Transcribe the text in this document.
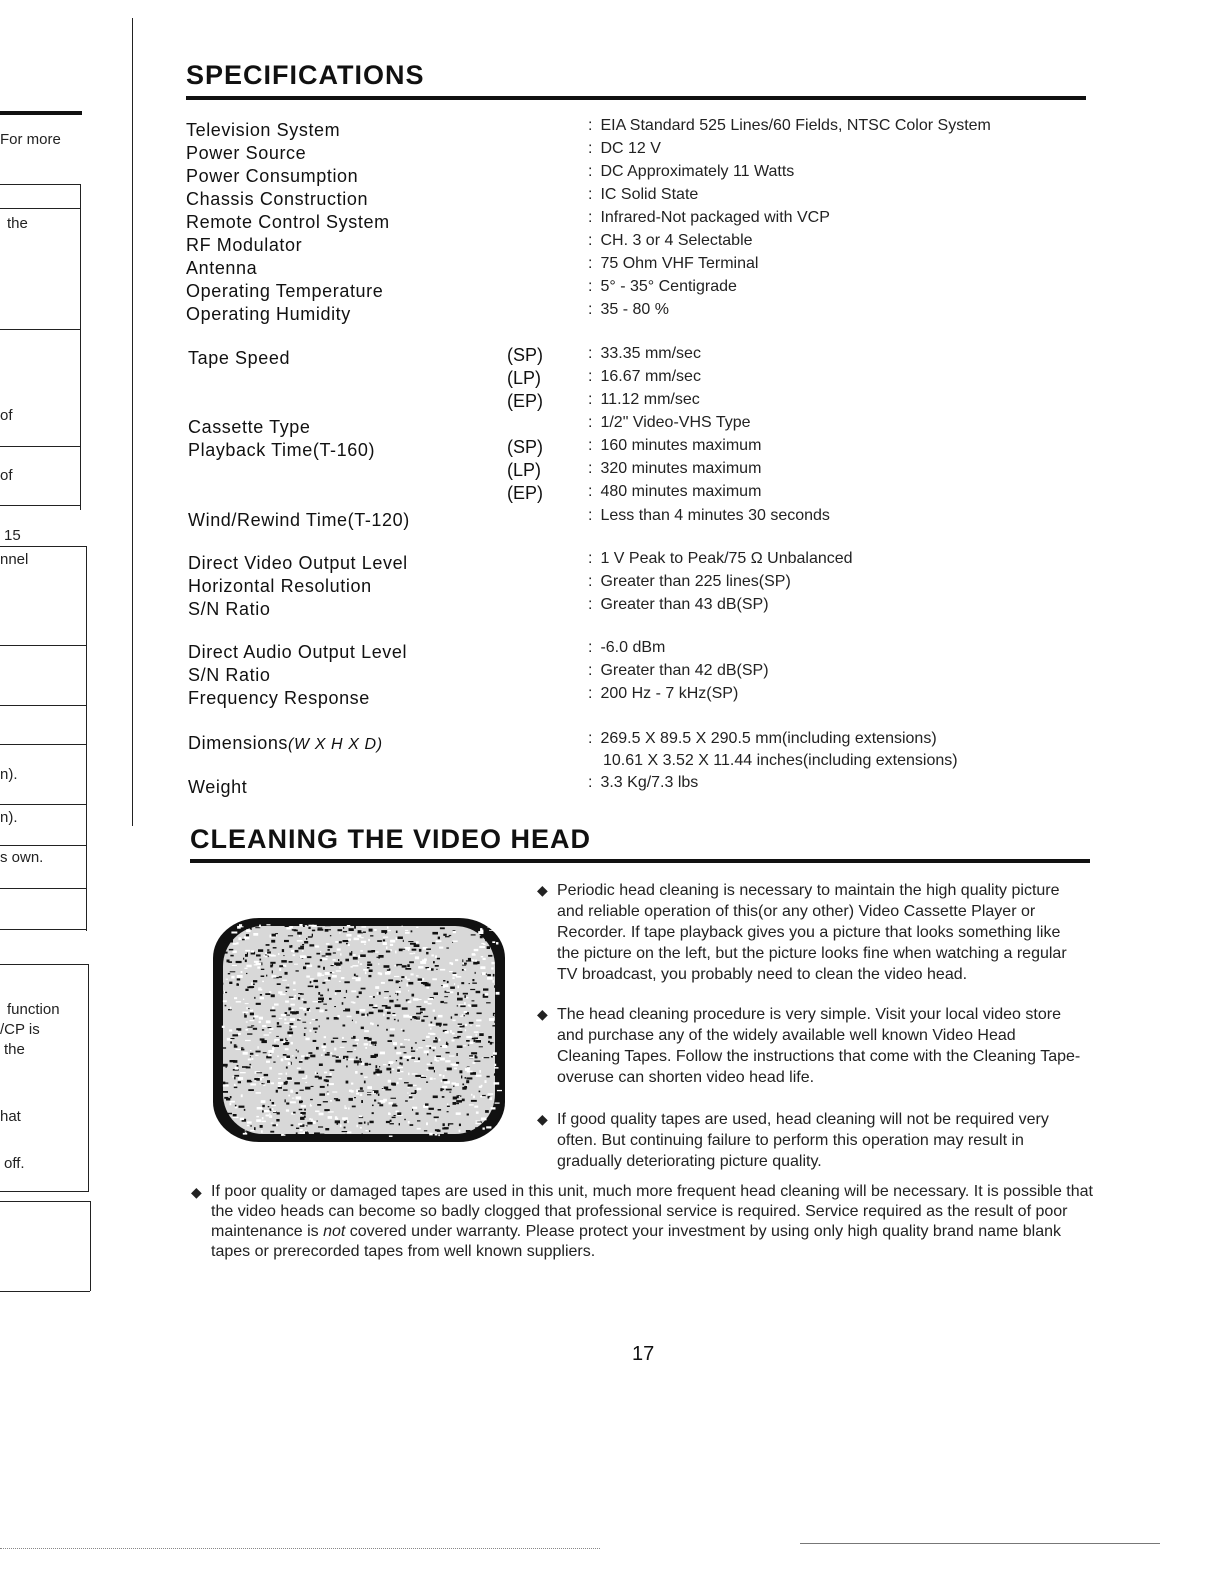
For more
the
of
of
15
nnel
n).
n).
s own.
function
/CP is
the
hat
off.
SPECIFICATIONS
Television System	: EIA Standard 525 Lines/60 Fields, NTSC Color System
Power Source	: DC 12 V
Power Consumption	: DC Approximately 11 Watts
Chassis Construction	: IC Solid State
Remote Control System	: Infrared-Not packaged with VCP
RF Modulator	: CH. 3 or 4 Selectable
Antenna	: 75 Ohm VHF Terminal
Operating Temperature	: 5° - 35° Centigrade
Operating Humidity	: 35 - 80 %
Tape Speed	(SP)	: 33.35 mm/sec
(LP)	: 16.67 mm/sec
(EP)	: 11.12 mm/sec
Cassette Type	: 1/2" Video-VHS Type
Playback Time(T-160)	(SP)	: 160 minutes maximum
(LP)	: 320 minutes maximum
(EP)	: 480 minutes maximum
Wind/Rewind Time(T-120)	: Less than 4 minutes 30 seconds
Direct Video Output Level	: 1 V Peak to Peak/75 Ω Unbalanced
Horizontal Resolution	: Greater than 225 lines(SP)
S/N Ratio	: Greater than 43 dB(SP)
Direct Audio Output Level	: -6.0 dBm
S/N Ratio	: Greater than 42 dB(SP)
Frequency Response	: 200 Hz - 7 kHz(SP)
Dimensions(W X H X D)	: 269.5 X 89.5 X 290.5 mm(including extensions)
10.61 X 3.52 X 11.44 inches(including extensions)
Weight	: 3.3 Kg/7.3 lbs
CLEANING THE VIDEO HEAD
◆ Periodic head cleaning is necessary to maintain the high quality picture and reliable operation of this(or any other) Video Cassette Player or Recorder. If tape playback gives you a picture that looks something like the picture on the left, but the picture looks fine when watching a regular TV broadcast, you probably need to clean the video head.
◆ The head cleaning procedure is very simple. Visit your local video store and purchase any of the widely available well known Video Head Cleaning Tapes. Follow the instructions that come with the Cleaning Tape-overuse can shorten video head life.
◆ If good quality tapes are used, head cleaning will not be required very often. But continuing failure to perform this operation may result in gradually deteriorating picture quality.
◆ If poor quality or damaged tapes are used in this unit, much more frequent head cleaning will be necessary. It is possible that the video heads can become so badly clogged that professional service is required. Service required as the result of poor maintenance is not covered under warranty. Please protect your investment by using only high quality brand name blank tapes or prerecorded tapes from well known suppliers.
17
